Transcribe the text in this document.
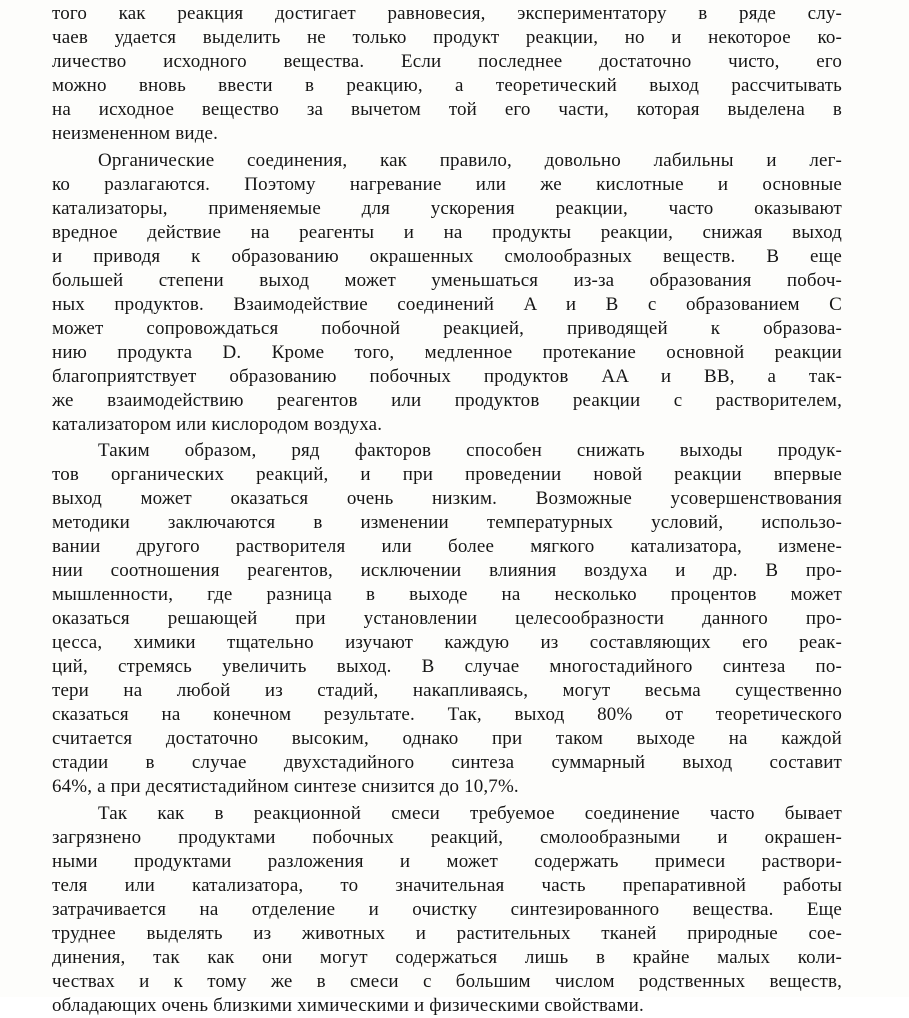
того как реакция достигает равновесия, экспериментатору в ряде слу-
чаев удается выделить не только продукт реакции, но и некоторое ко-
личество исходного вещества. Если последнее достаточно чисто, его
можно вновь ввести в реакцию, а теоретический выход рассчитывать
на исходное вещество за вычетом той его части, которая выделена в
неизмененном виде.
Органические соединения, как правило, довольно лабильны и лег-
ко разлагаются. Поэтому нагревание или же кислотные и основные
катализаторы, применяемые для ускорения реакции, часто оказывают
вредное действие на реагенты и на продукты реакции, снижая выход
и приводя к образованию окрашенных смолообразных веществ. В еще
большей степени выход может уменьшаться из-за образования побоч-
ных продуктов. Взаимодействие соединений A и B с образованием C
может сопровождаться побочной реакцией, приводящей к образова-
нию продукта D. Кроме того, медленное протекание основной реакции
благоприятствует образованию побочных продуктов AA и BB, а так-
же взаимодействию реагентов или продуктов реакции с растворителем,
катализатором или кислородом воздуха.
Таким образом, ряд факторов способен снижать выходы продук-
тов органических реакций, и при проведении новой реакции впервые
выход может оказаться очень низким. Возможные усовершенствования
методики заключаются в изменении температурных условий, использо-
вании другого растворителя или более мягкого катализатора, измене-
нии соотношения реагентов, исключении влияния воздуха и др. В про-
мышленности, где разница в выходе на несколько процентов может
оказаться решающей при установлении целесообразности данного про-
цесса, химики тщательно изучают каждую из составляющих его реак-
ций, стремясь увеличить выход. В случае многостадийного синтеза по-
тери на любой из стадий, накапливаясь, могут весьма существенно
сказаться на конечном результате. Так, выход 80% от теоретического
считается достаточно высоким, однако при таком выходе на каждой
стадии в случае двухстадийного синтеза суммарный выход составит
64%, а при десятистадийном синтезе снизится до 10,7%.
Так как в реакционной смеси требуемое соединение часто бывает
загрязнено продуктами побочных реакций, смолообразными и окрашен-
ными продуктами разложения и может содержать примеси раствори-
теля или катализатора, то значительная часть препаративной работы
затрачивается на отделение и очистку синтезированного вещества. Еще
труднее выделять из животных и растительных тканей природные сое-
динения, так как они могут содержаться лишь в крайне малых коли-
чествах и к тому же в смеси с большим числом родственных веществ,
обладающих очень близкими химическими и физическими свойствами.
